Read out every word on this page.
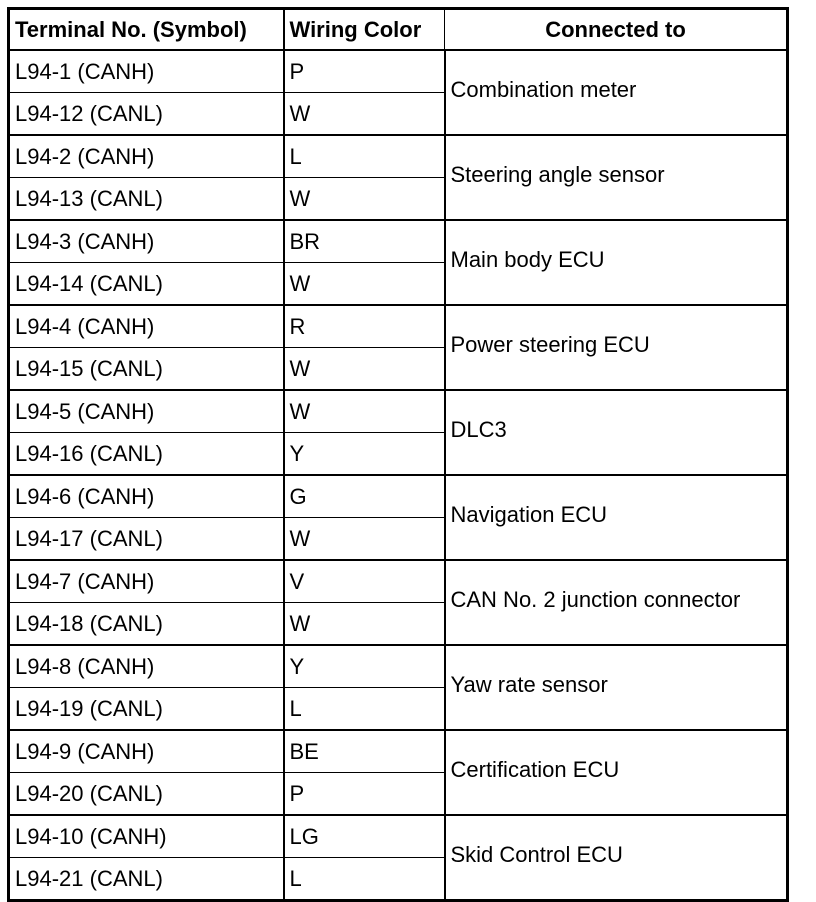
Terminal No. (Symbol)	Wiring Color	Connected to
L94-1 (CANH)	P	Combination meter
L94-12 (CANL)	W	
L94-2 (CANH)	L	Steering angle sensor
L94-13 (CANL)	W	
L94-3 (CANH)	BR	Main body ECU
L94-14 (CANL)	W	
L94-4 (CANH)	R	Power steering ECU
L94-15 (CANL)	W	
L94-5 (CANH)	W	DLC3
L94-16 (CANL)	Y	
L94-6 (CANH)	G	Navigation ECU
L94-17 (CANL)	W	
L94-7 (CANH)	V	CAN No. 2 junction connector
L94-18 (CANL)	W	
L94-8 (CANH)	Y	Yaw rate sensor
L94-19 (CANL)	L	
L94-9 (CANH)	BE	Certification ECU
L94-20 (CANL)	P	
L94-10 (CANH)	LG	Skid Control ECU
L94-21 (CANL)	L	
